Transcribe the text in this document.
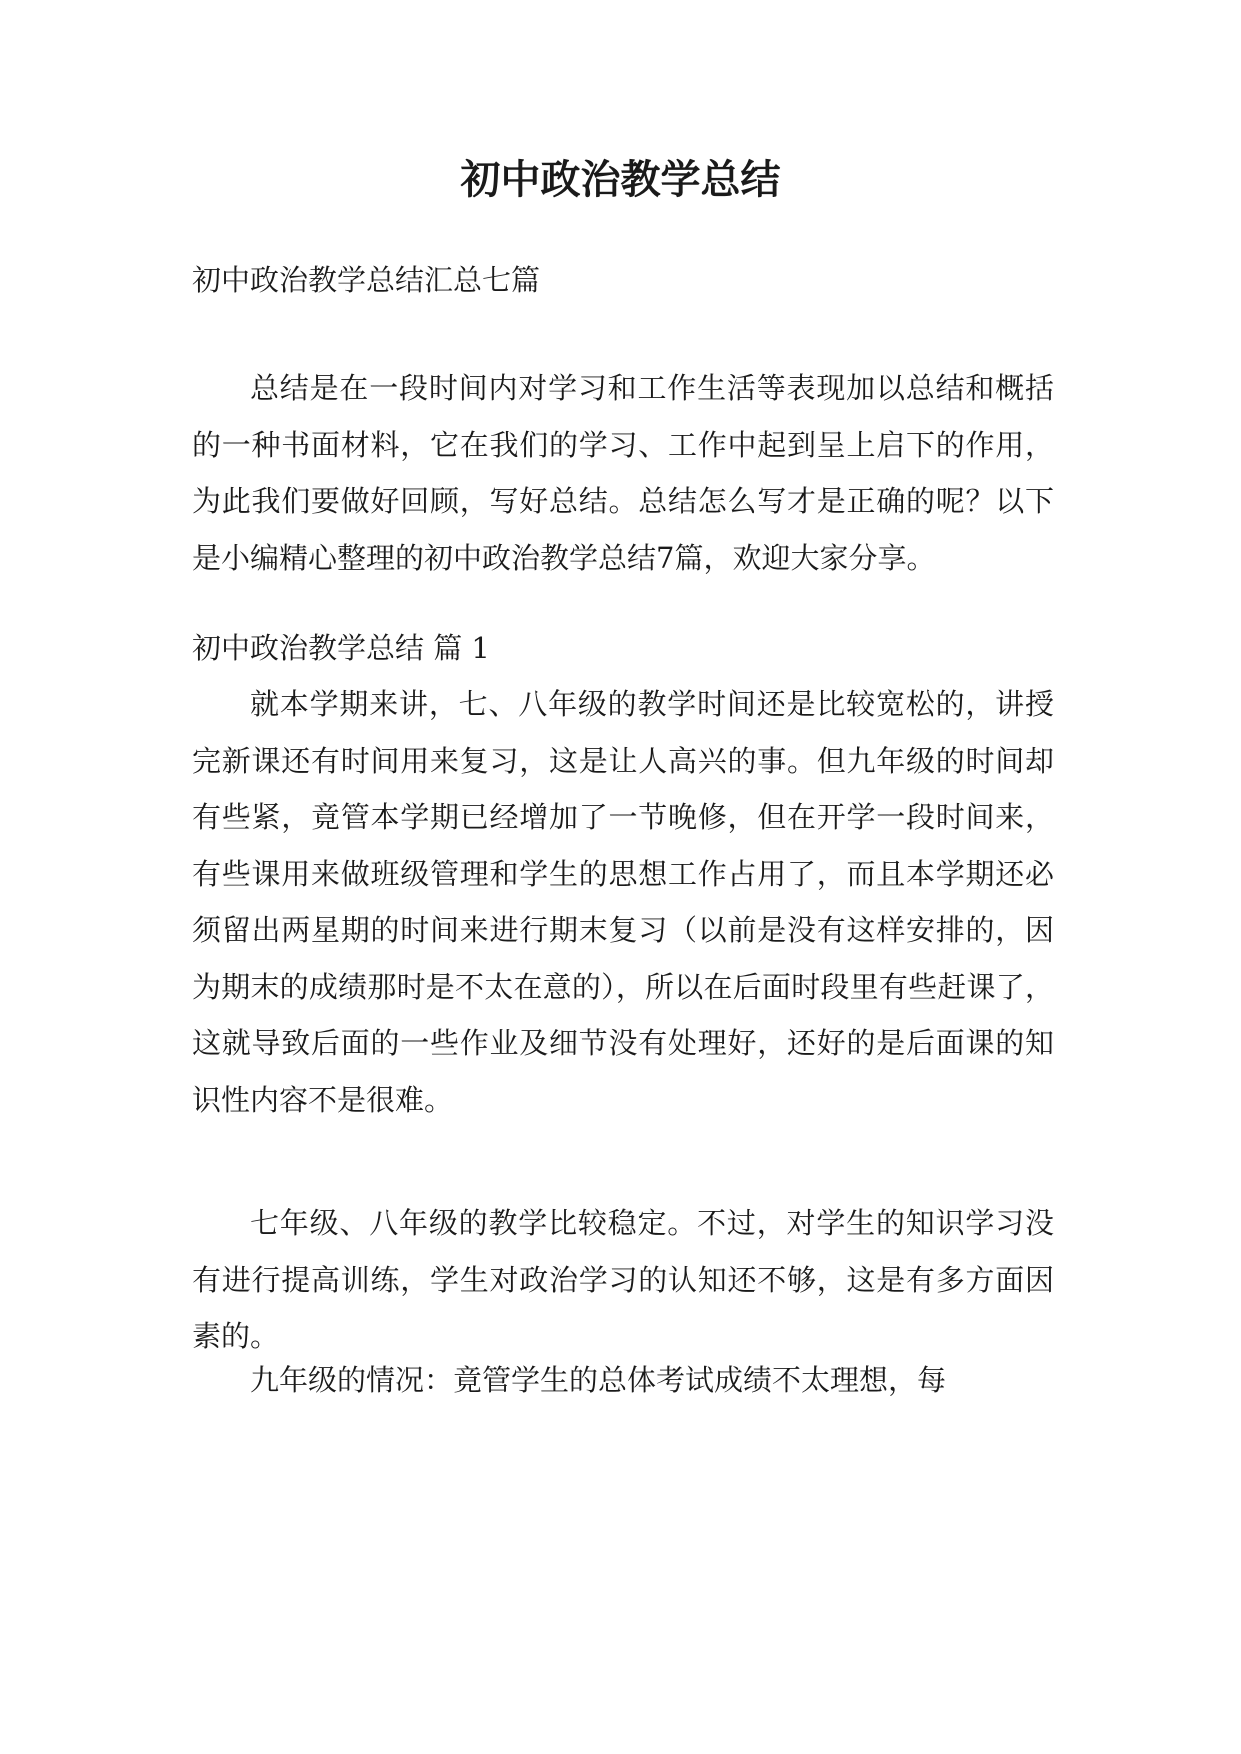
初中政治教学总结

初中政治教学总结汇总七篇

总结是在一段时间内对学习和工作生活等表现加以总结和概括的一种书面材料，它在我们的学习、工作中起到呈上启下的作用，为此我们要做好回顾，写好总结。总结怎么写才是正确的呢？以下是小编精心整理的初中政治教学总结7篇，欢迎大家分享。

初中政治教学总结 篇 1

就本学期来讲，七、八年级的教学时间还是比较宽松的，讲授完新课还有时间用来复习，这是让人高兴的事。但九年级的时间却有些紧，竟管本学期已经增加了一节晚修，但在开学一段时间来，有些课用来做班级管理和学生的思想工作占用了，而且本学期还必须留出两星期的时间来进行期末复习（以前是没有这样安排的，因为期末的成绩那时是不太在意的），所以在后面时段里有些赶课了，这就导致后面的一些作业及细节没有处理好，还好的是后面课的知识性内容不是很难。

七年级、八年级的教学比较稳定。不过，对学生的知识学习没有进行提高训练，学生对政治学习的认知还不够，这是有多方面因素的。

九年级的情况：竟管学生的总体考试成绩不太理想，每
